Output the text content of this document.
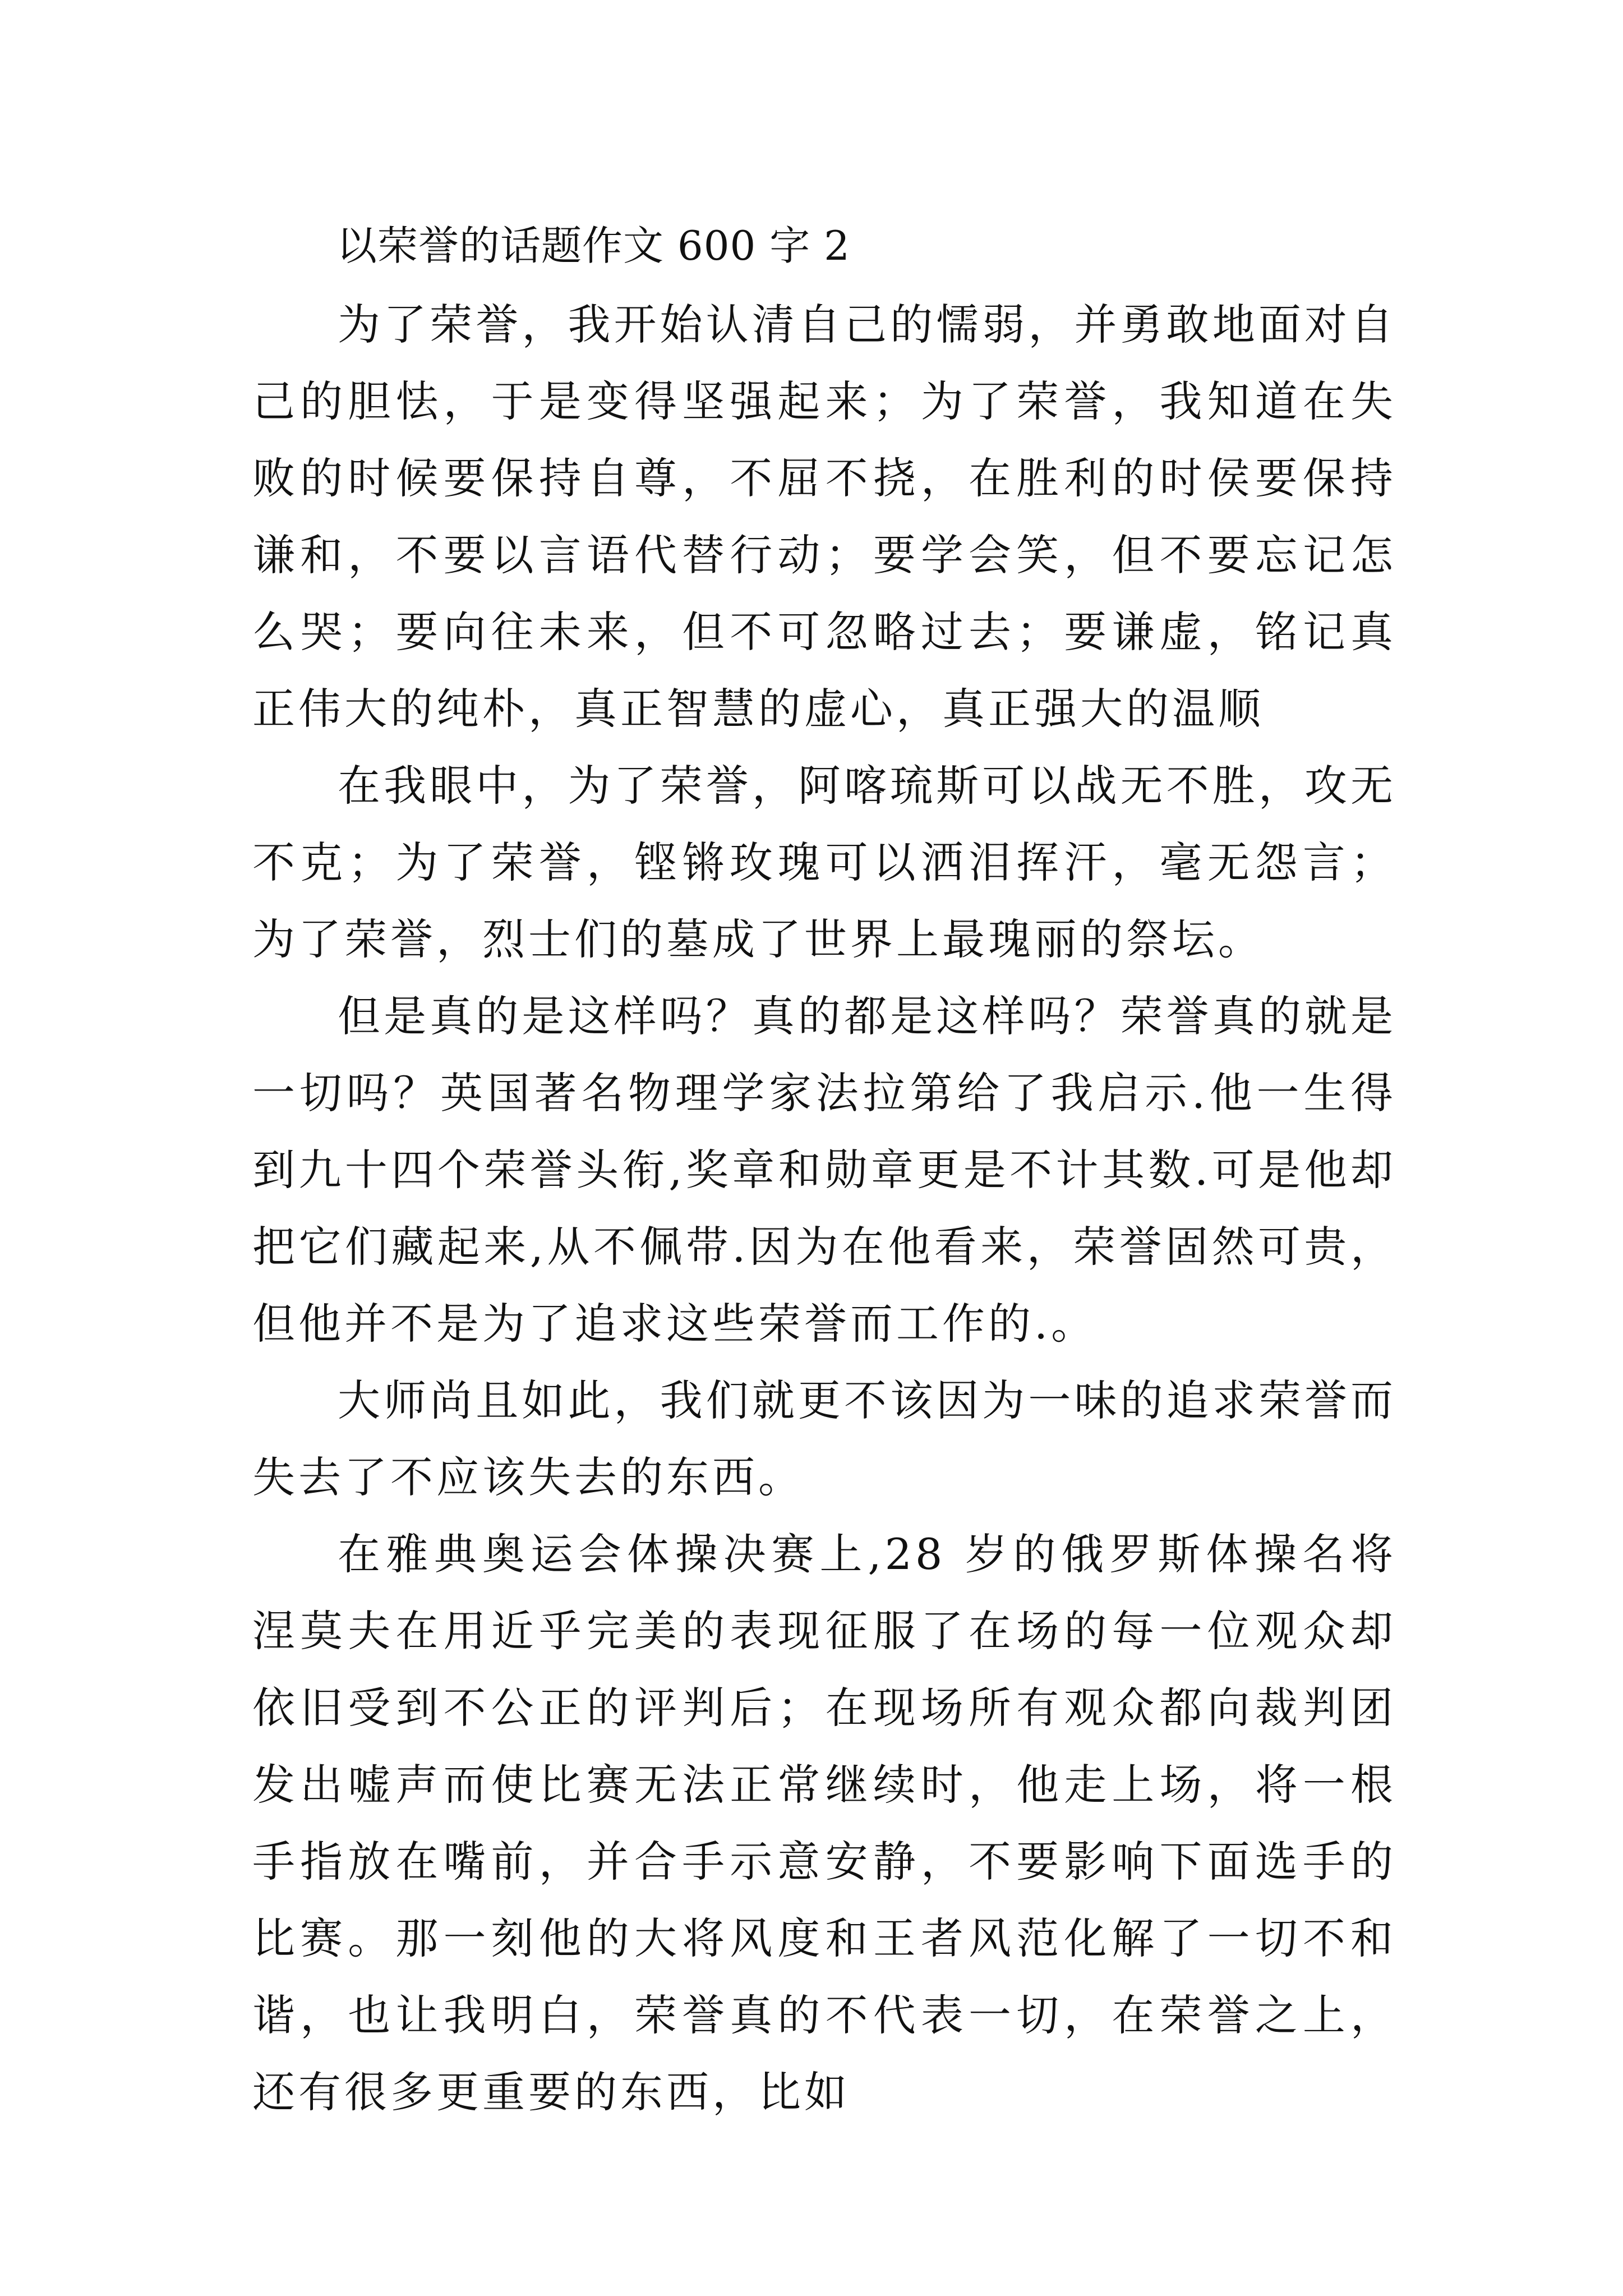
以荣誉的话题作文 600 字 2

为了荣誉，我开始认清自己的懦弱，并勇敢地面对自己的胆怯，于是变得坚强起来；为了荣誉，我知道在失败的时候要保持自尊，不屈不挠，在胜利的时侯要保持谦和，不要以言语代替行动；要学会笑，但不要忘记怎么哭；要向往未来，但不可忽略过去；要谦虚，铭记真正伟大的纯朴，真正智慧的虚心，真正强大的温顺

在我眼中，为了荣誉，阿喀琉斯可以战无不胜，攻无不克；为了荣誉，铿锵玫瑰可以洒泪挥汗，毫无怨言；为了荣誉，烈士们的墓成了世界上最瑰丽的祭坛。

但是真的是这样吗？真的都是这样吗？荣誉真的就是一切吗？英国著名物理学家法拉第给了我启示.他一生得到九十四个荣誉头衔,奖章和勋章更是不计其数.可是他却把它们藏起来,从不佩带.因为在他看来，荣誉固然可贵，但他并不是为了追求这些荣誉而工作的.。

大师尚且如此，我们就更不该因为一味的追求荣誉而失去了不应该失去的东西。

在雅典奥运会体操决赛上,28 岁的俄罗斯体操名将涅莫夫在用近乎完美的表现征服了在场的每一位观众却依旧受到不公正的评判后；在现场所有观众都向裁判团发出嘘声而使比赛无法正常继续时，他走上场，将一根手指放在嘴前，并合手示意安静，不要影响下面选手的比赛。那一刻他的大将风度和王者风范化解了一切不和谐，也让我明白，荣誉真的不代表一切，在荣誉之上，还有很多更重要的东西，比如
